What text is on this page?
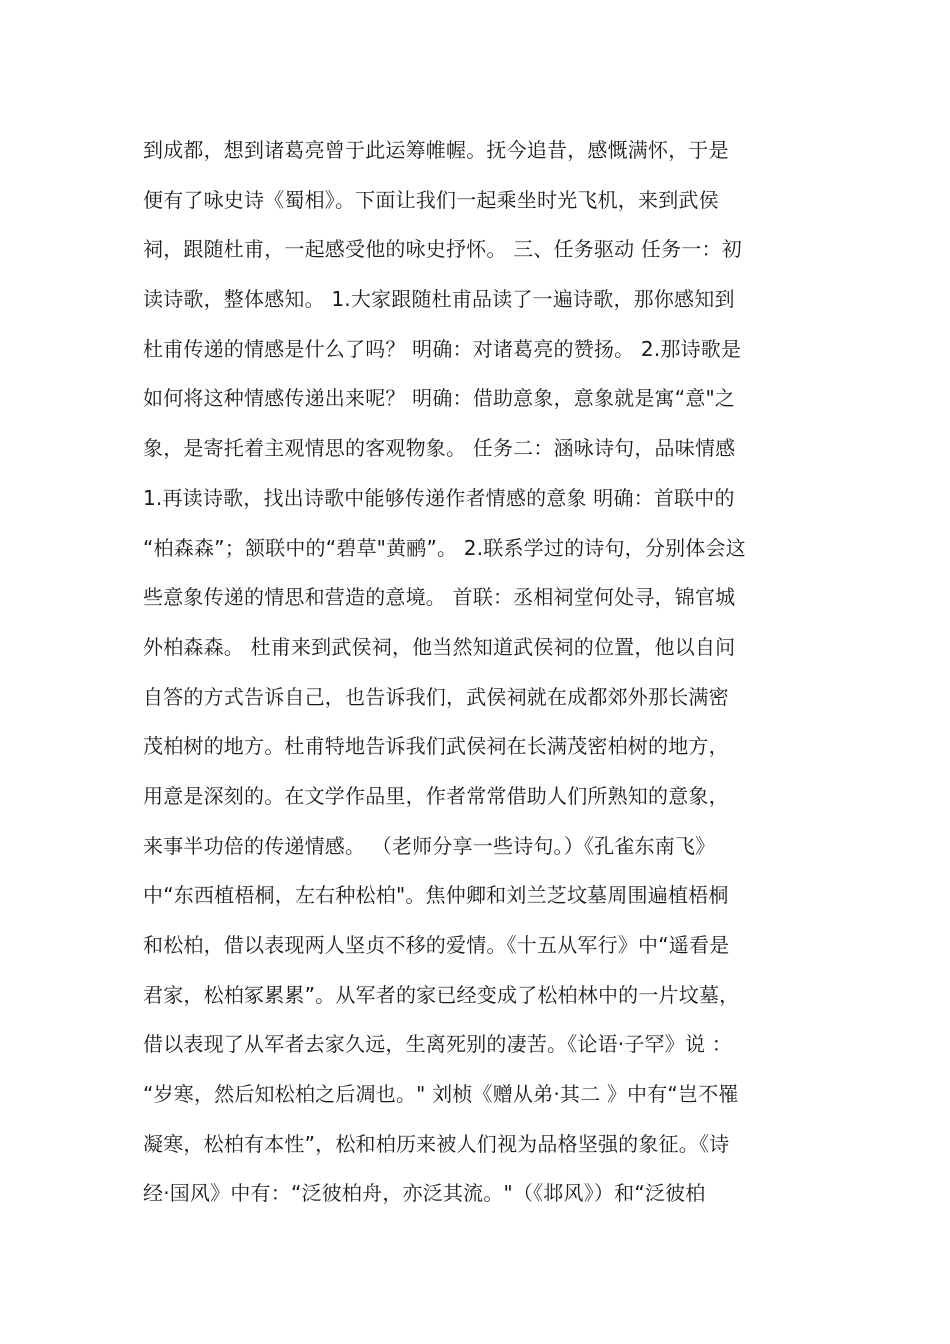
到成都，想到诸葛亮曾于此运筹帷幄。抚今追昔，感慨满怀，于是
便有了咏史诗《蜀相》。下面让我们一起乘坐时光飞机，来到武侯
祠，跟随杜甫，一起感受他的咏史抒怀。 三、任务驱动 任务一：初
读诗歌，整体感知。 1.大家跟随杜甫品读了一遍诗歌，那你感知到
杜甫传递的情感是什么了吗？ 明确：对诸葛亮的赞扬。 2.那诗歌是
如何将这种情感传递出来呢？ 明确：借助意象，意象就是寓“意"之
象，是寄托着主观情思的客观物象。 任务二：涵咏诗句，品味情感
1.再读诗歌，找出诗歌中能够传递作者情感的意象 明确：首联中的
“柏森森”；颔联中的“碧草"黄鹂”。 2.联系学过的诗句，分别体会这
些意象传递的情思和营造的意境。 首联：丞相祠堂何处寻，锦官城
外柏森森。 杜甫来到武侯祠，他当然知道武侯祠的位置，他以自问
自答的方式告诉自己，也告诉我们，武侯祠就在成都郊外那长满密
茂柏树的地方。杜甫特地告诉我们武侯祠在长满茂密柏树的地方，
用意是深刻的。在文学作品里，作者常常借助人们所熟知的意象，
来事半功倍的传递情感。 （老师分享一些诗句。）《孔雀东南飞》
中“东西植梧桐，左右种松柏"。焦仲卿和刘兰芝坟墓周围遍植梧桐
和松柏，借以表现两人坚贞不移的爱情。《十五从军行》中“遥看是
君家，松柏冢累累”。从军者的家已经变成了松柏林中的一片坟墓，
借以表现了从军者去家久远，生离死别的凄苦。《论语·子罕》说 ：
“岁寒，然后知松柏之后凋也。" 刘桢《赠从弟·其二 》中有“岂不罹
凝寒，松柏有本性”，松和柏历来被人们视为品格坚强的象征。《诗
经·国风》中有：“泛彼柏舟，亦泛其流。"（《邶风》）和“泛彼柏
